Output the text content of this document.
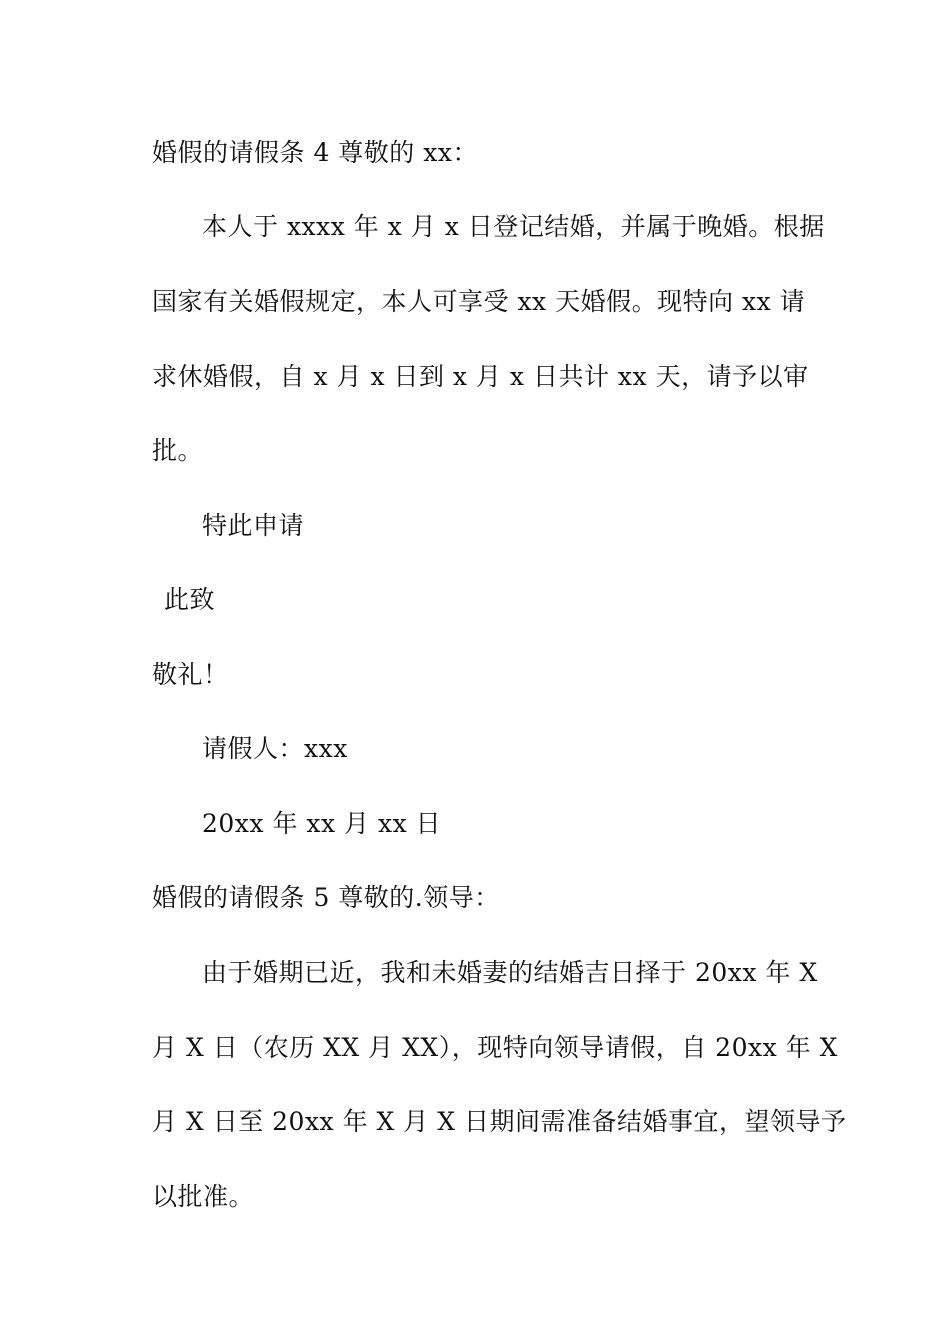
婚假的请假条 4 尊敬的 xx：
本人于 xxxx 年 x 月 x 日登记结婚，并属于晚婚。根据
国家有关婚假规定，本人可享受 xx 天婚假。现特向 xx 请
求休婚假，自 x 月 x 日到 x 月 x 日共计 xx 天，请予以审
批。
特此申请
此致
敬礼！
请假人：xxx
20xx 年 xx 月 xx 日
婚假的请假条 5 尊敬的.领导：
由于婚期已近，我和未婚妻的结婚吉日择于 20xx 年 X
月 X 日（农历 XX 月 XX），现特向领导请假，自 20xx 年 X
月 X 日至 20xx 年 X 月 X 日期间需准备结婚事宜，望领导予
以批准。
